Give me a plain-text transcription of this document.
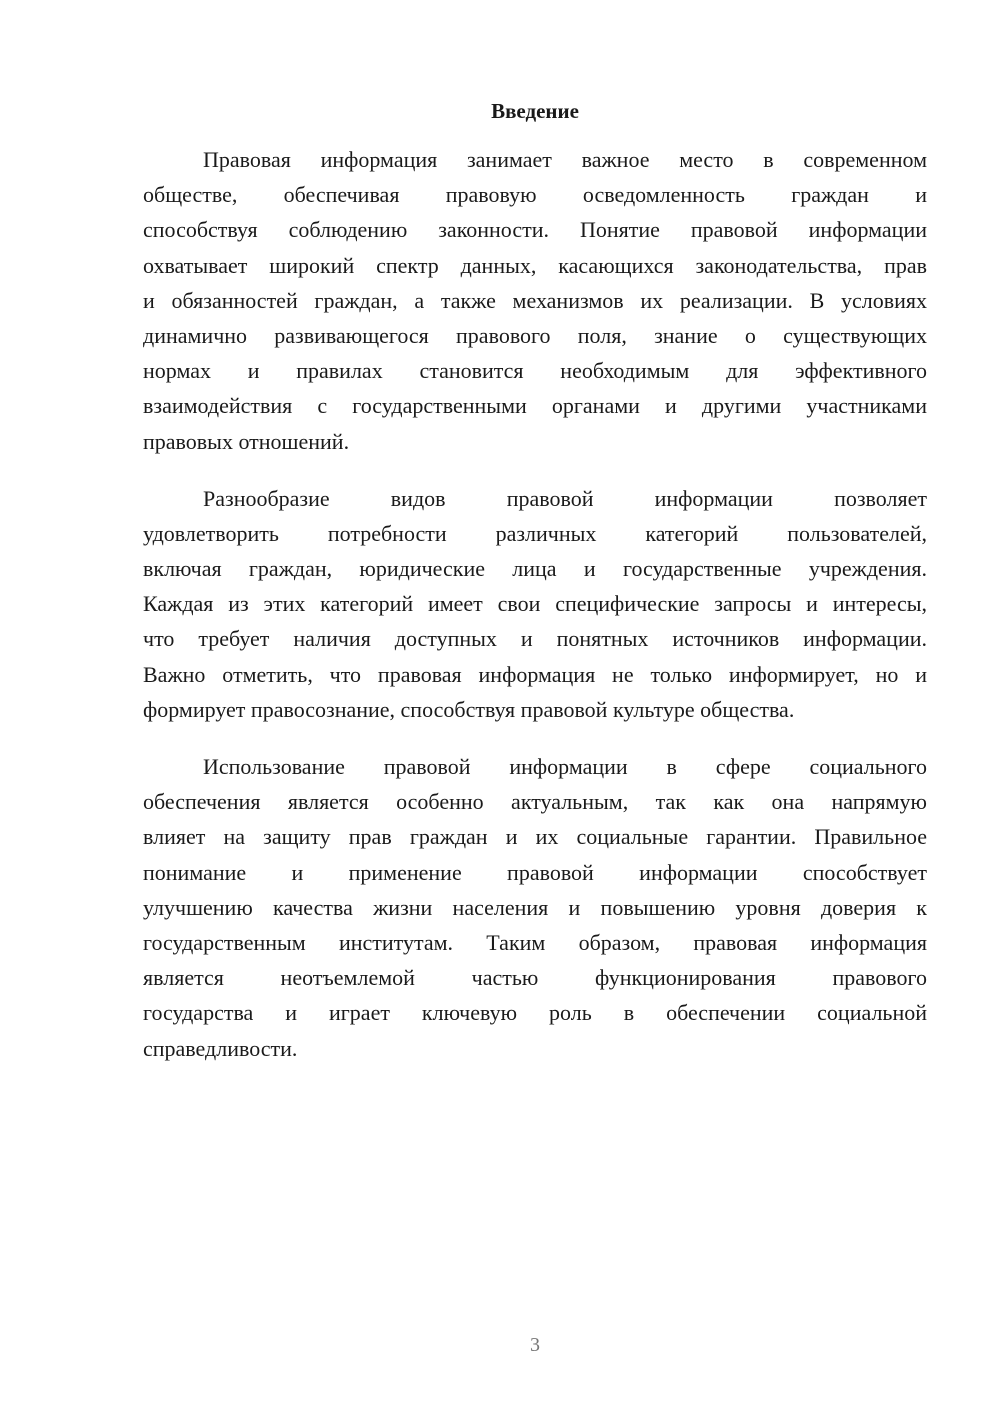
Введение
Правовая информация занимает важное место в современном
обществе, обеспечивая правовую осведомленность граждан и
способствуя соблюдению законности. Понятие правовой информации
охватывает широкий спектр данных, касающихся законодательства, прав
и обязанностей граждан, а также механизмов их реализации. В условиях
динамично развивающегося правового поля, знание о существующих
нормах и правилах становится необходимым для эффективного
взаимодействия с государственными органами и другими участниками
правовых отношений.
Разнообразие видов правовой информации позволяет
удовлетворить потребности различных категорий пользователей,
включая граждан, юридические лица и государственные учреждения.
Каждая из этих категорий имеет свои специфические запросы и интересы,
что требует наличия доступных и понятных источников информации.
Важно отметить, что правовая информация не только информирует, но и
формирует правосознание, способствуя правовой культуре общества.
Использование правовой информации в сфере социального
обеспечения является особенно актуальным, так как она напрямую
влияет на защиту прав граждан и их социальные гарантии. Правильное
понимание и применение правовой информации способствует
улучшению качества жизни населения и повышению уровня доверия к
государственным институтам. Таким образом, правовая информация
является неотъемлемой частью функционирования правового
государства и играет ключевую роль в обеспечении социальной
справедливости.
3
